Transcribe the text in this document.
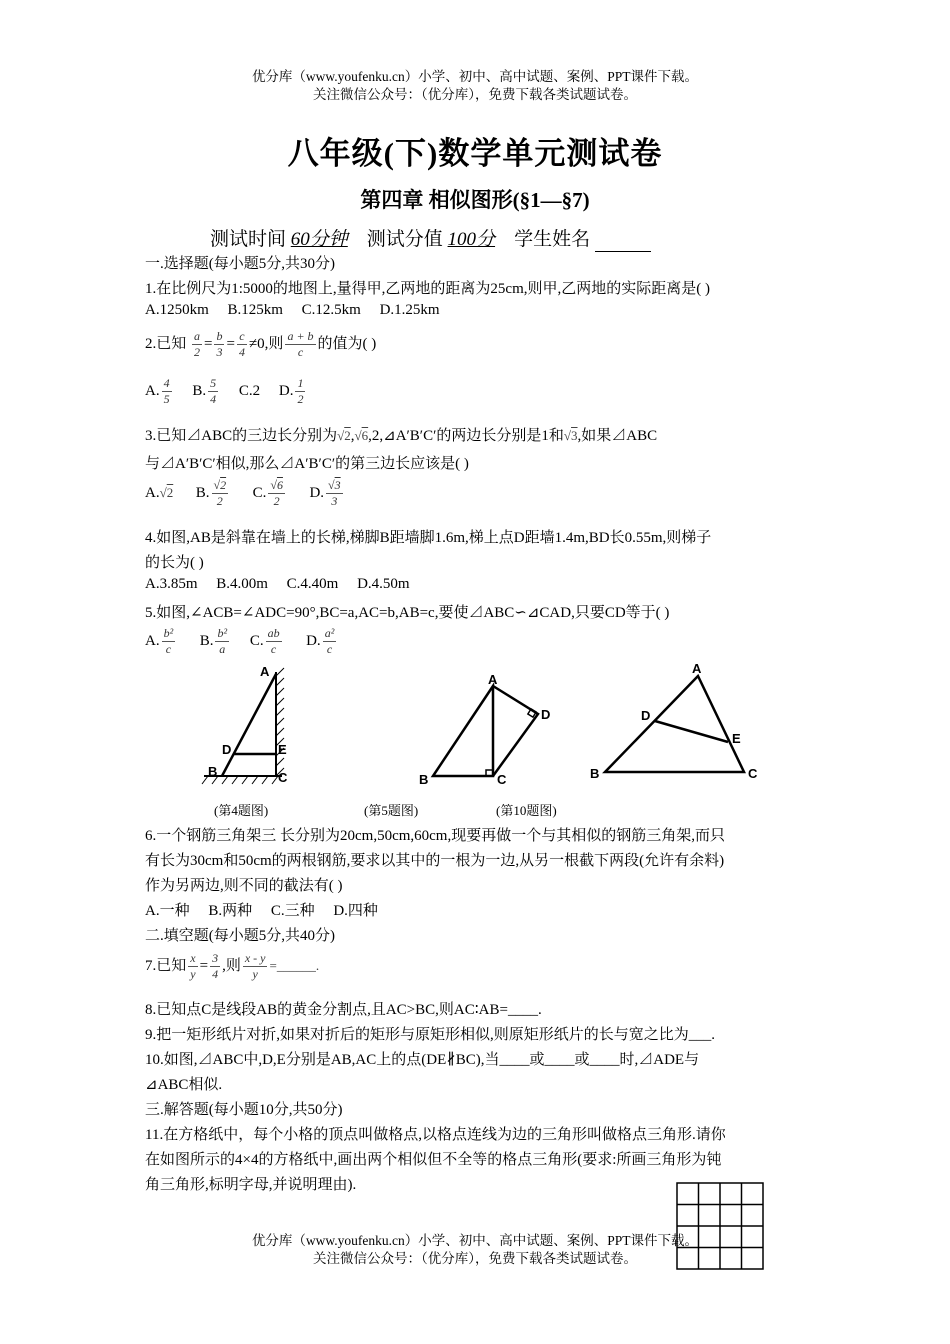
优分库（www.youfenku.cn）小学、初中、高中试题、案例、PPT课件下载。
关注微信公众号：（优分库），免费下载各类试题试卷。
八年级(下)数学单元测试卷
第四章 相似图形(§1—§7)
测试时间 60分钟 测试分值 100分 学生姓名
一.选择题(每小题5分,共30分)
1.在比例尺为1:5000的地图上,量得甲,乙两地的距离为25cm,则甲,乙两地的实际距离是( )
A.1250km     B.125km     C.12.5km     D.1.25km
2.已知 $\frac{a}{2} = \frac{b}{3} = \frac{c}{4} \ne 0$,则 $\frac{a + b}{c}$ 的值为( )
A. $\frac{4}{5} B$. $\frac{5}{4} C.2$ D. $\frac{1}{2}$
3.已知⊿ABC的三边长分别为√2,√6,2,⊿A′B′C′的两边长分别是1和√3,如果⊿ABC
与⊿A′B′C′相似,那么⊿A′B′C′的第三边长应该是( )
A.√2 B. $\frac{√2}{2} C$. $\frac{√6}{2} D$. $\frac{√3}{3}$
4.如图,AB是斜靠在墙上的长梯,梯脚B距墙脚1.6m,梯上点D距墙1.4m,BD长0.55m,则梯子
的长为( )
A.3.85m     B.4.00m     C.4.40m     D.4.50m
5.如图,∠ACB=∠ADC=90°,BC=a,AC=b,AB=c,要使⊿ABC∽⊿CAD,只要CD等于( )
A. $\frac{\text{b²}}{c} B$. $\frac{\text{b²}}{a} C$. $\frac{ab}{c} D$. $\frac{\text{a²}}{c}$
A
B	C
D	E
A
B	C
D
A
B	C
D
E
(第4题图)	(第5题图)	(第10题图)
6.一个钢筋三角架三 长分别为20cm,50cm,60cm,现要再做一个与其相似的钢筋三角架,而只
有长为30cm和50cm的两根钢筋,要求以其中的一根为一边,从另一根截下两段(允许有余料)
作为另两边,则不同的截法有( )
A.一种     B.两种     C.三种     D.四种
二.填空题(每小题5分,共40分)
7.已知 $\frac{x}{y} = \frac{3}{4}$ ,则 $\frac{x - y}{y}$ =______.
8.已知点C是线段AB的黄金分割点,且AC>BC,则AC∶AB=____.
9.把一矩形纸片对折,如果对折后的矩形与原矩形相似,则原矩形纸片的长与宽之比为___.
10.如图,⊿ABC中,D,E分别是AB,AC上的点(DE∦BC),当____或____或____时,⊿ADE与
⊿ABC相似.
三.解答题(每小题10分,共50分)
11.在方格纸中，每个小格的顶点叫做格点,以格点连线为边的三角形叫做格点三角形.请你
在如图所示的4×4的方格纸中,画出两个相似但不全等的格点三角形(要求:所画三角形为钝
角三角形,标明字母,并说明理由).
优分库（www.youfenku.cn）小学、初中、高中试题、案例、PPT课件下载。
关注微信公众号：（优分库），免费下载各类试题试卷。
